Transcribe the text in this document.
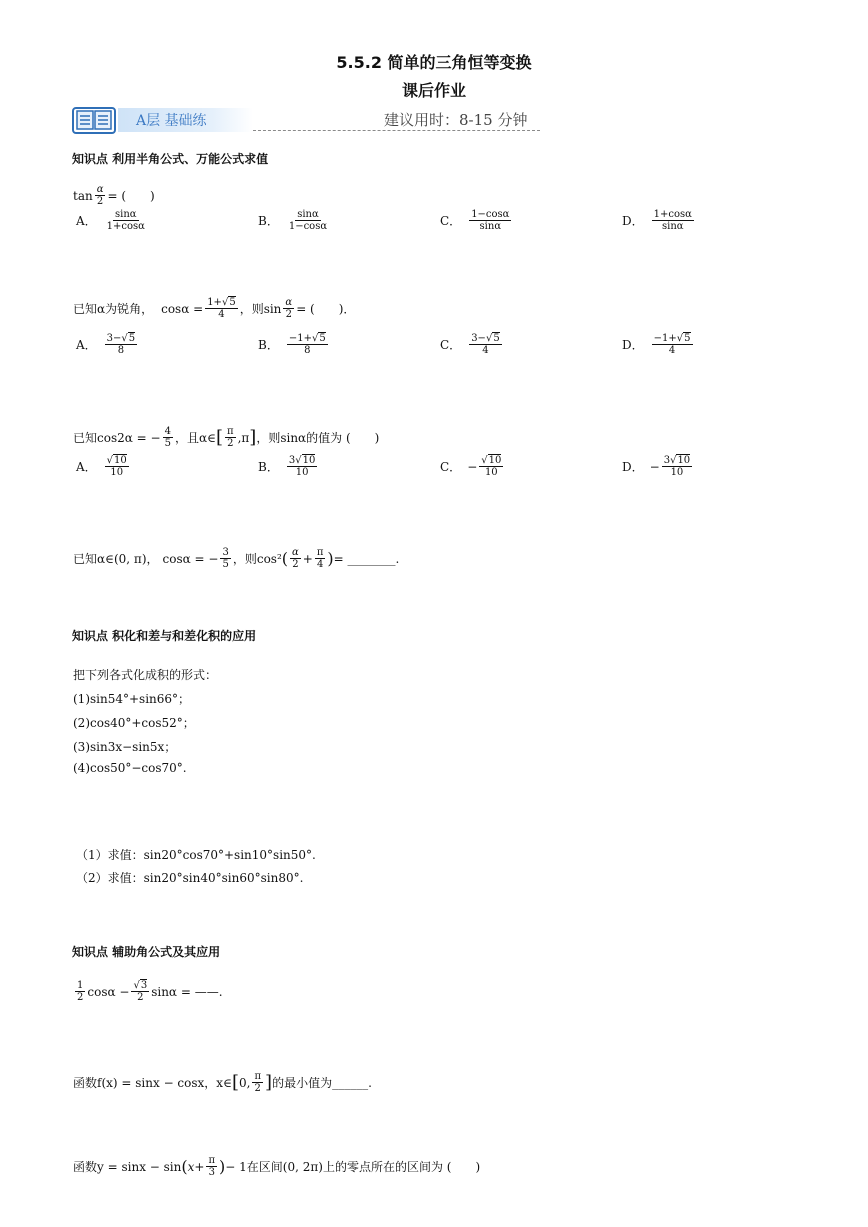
5.5.2 简单的三角恒等变换
课后作业
A层 基础练	建议用时：8-15 分钟
知识点 利用半角公式、万能公式求值
$\tan \frac{\alpha}{2}$ = (　　)
A． $\frac{\sin\alpha}{1+\cos\alpha}$	B． $\frac{\sin\alpha}{1-\cos\alpha}$	C． $\frac{1-\cos\alpha}{\sin\alpha}$	D． $\frac{1+\cos\alpha}{\sin\alpha}$
已知α为锐角， $\cos\alpha = \frac{1+√5}{4}$ ，则$\sin \frac{\alpha}{2}$ = (　　)．
A． $\frac{3-√5}{8}$	B． $\frac{-1+√5}{8}$	C． $\frac{3-√5}{4}$	D． $\frac{-1+√5}{4}$
已知cos2α = − $\frac{4}{5}$ ，且α∈ [ $\frac{\pi}{2}$ , π ] ，则sinα的值为 (　　)
A． $\frac{√10}{10}$	B． $\frac{3√10}{10}$	C． − $\frac{√10}{10}$	D． − $\frac{3√10}{10}$
已知α∈(0, π)， cosα = − $\frac{3}{5}$ ，则cos² ( $\frac{\alpha}{2} + \frac{\pi}{4}$ ) = ________.
知识点 积化和差与和差化积的应用
把下列各式化成积的形式：
(1)sin54°+sin66°；
(2)cos40°+cos52°；
(3)sin3x−sin5x；
(4)cos50°−cos70°.
（1）求值：sin20°cos70°+sin10°sin50°.
（2）求值：sin20°sin40°sin60°sin80°.
知识点 辅助角公式及其应用
$\frac{1}{2}$ $\cos\alpha - \frac{√3}{2}$ sinα = ——.
函数f(x) = sinx − cosx，x∈ [ 0, $\frac{\pi}{2}$ ] 的最小值为______.
函数y = sinx − sin ( $x + \frac{\pi}{3}$ ) − 1在区间(0, 2π)上的零点所在的区间为 (　　)
